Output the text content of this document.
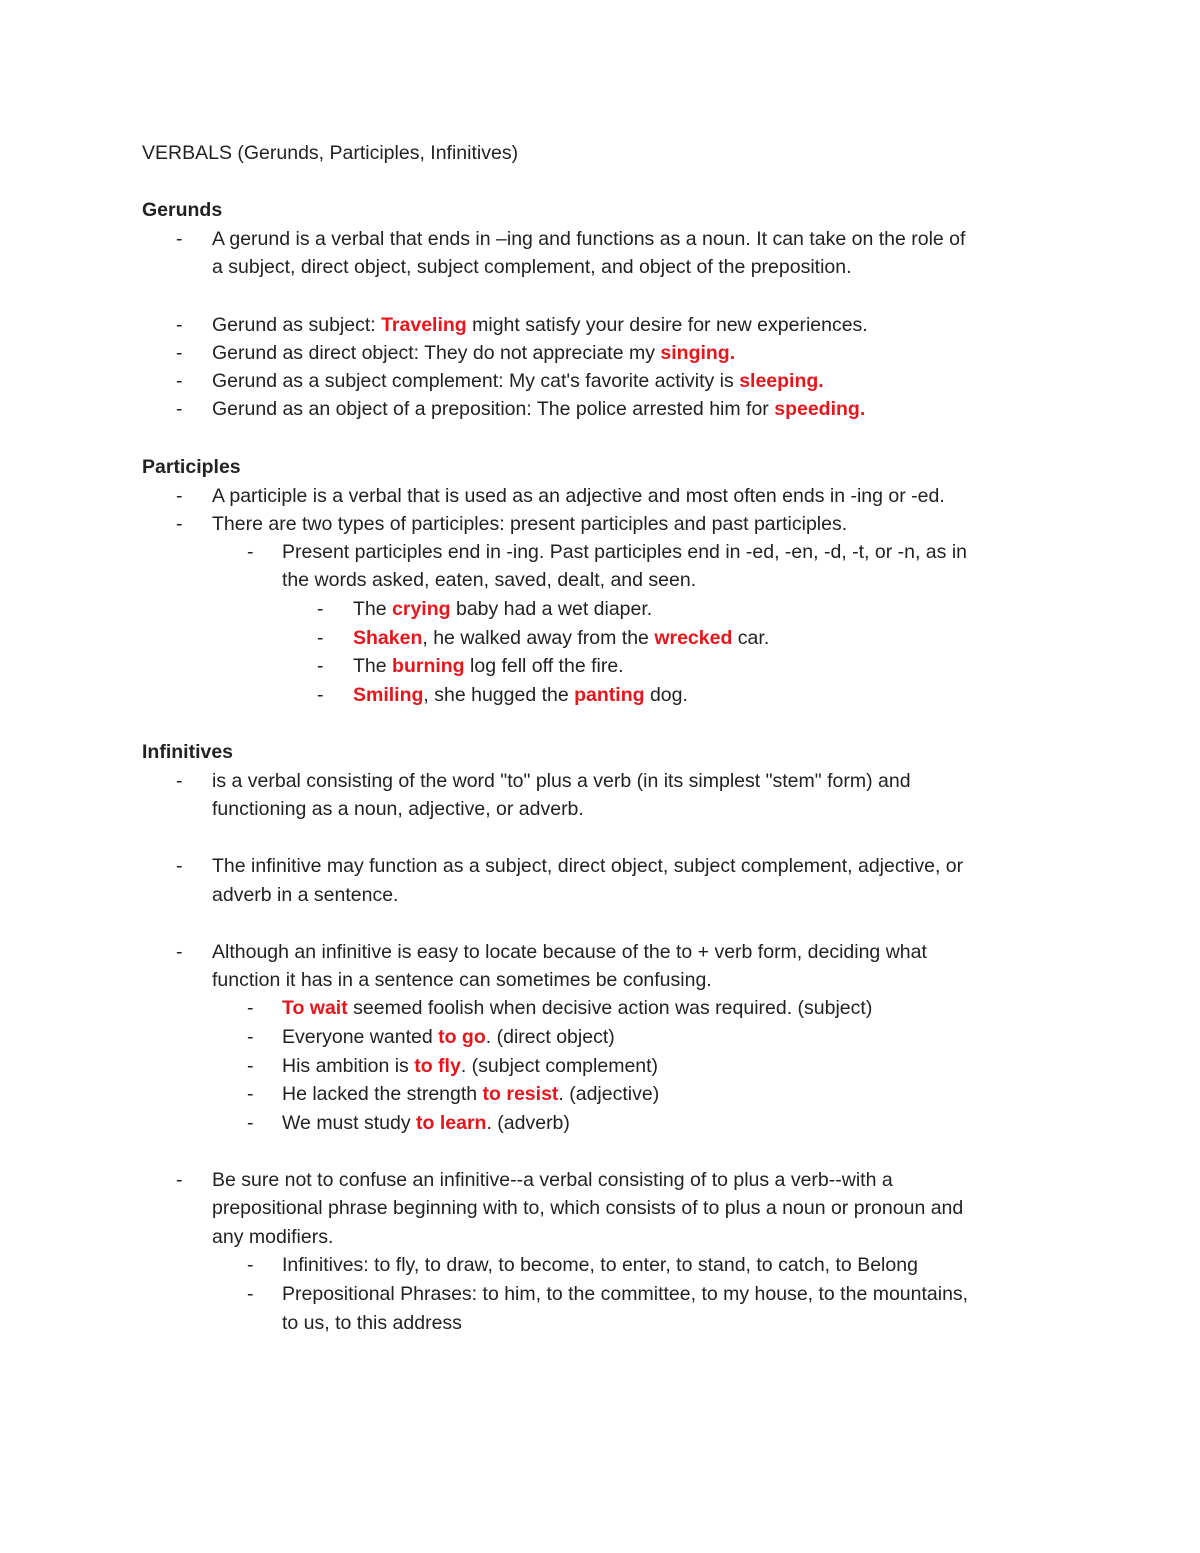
VERBALS (Gerunds, Participles, Infinitives)
Gerunds
- A gerund is a verbal that ends in –ing and functions as a noun. It can take on the role of
a subject, direct object, subject complement, and object of the preposition.
- Gerund as subject: Traveling might satisfy your desire for new experiences.
- Gerund as direct object: They do not appreciate my singing.
- Gerund as a subject complement: My cat's favorite activity is sleeping.
- Gerund as an object of a preposition: The police arrested him for speeding.
Participles
- A participle is a verbal that is used as an adjective and most often ends in -ing or -ed.
- There are two types of participles: present participles and past participles.
- Present participles end in -ing. Past participles end in -ed, -en, -d, -t, or -n, as in
the words asked, eaten, saved, dealt, and seen.
- The crying baby had a wet diaper.
- Shaken, he walked away from the wrecked car.
- The burning log fell off the fire.
- Smiling, she hugged the panting dog.
Infinitives
- is a verbal consisting of the word "to" plus a verb (in its simplest "stem" form) and
functioning as a noun, adjective, or adverb.
- The infinitive may function as a subject, direct object, subject complement, adjective, or
adverb in a sentence.
- Although an infinitive is easy to locate because of the to + verb form, deciding what
function it has in a sentence can sometimes be confusing.
- To wait seemed foolish when decisive action was required. (subject)
- Everyone wanted to go. (direct object)
- His ambition is to fly. (subject complement)
- He lacked the strength to resist. (adjective)
- We must study to learn. (adverb)
- Be sure not to confuse an infinitive--a verbal consisting of to plus a verb--with a
prepositional phrase beginning with to, which consists of to plus a noun or pronoun and
any modifiers.
- Infinitives: to fly, to draw, to become, to enter, to stand, to catch, to Belong
- Prepositional Phrases: to him, to the committee, to my house, to the mountains,
to us, to this address
